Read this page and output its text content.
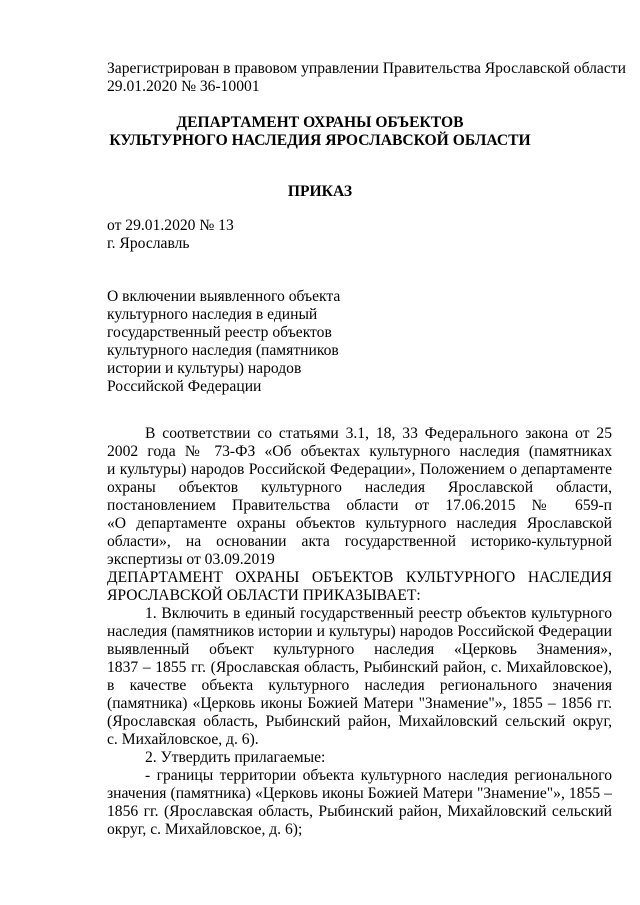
Зарегистрирован в правовом управлении Правительства Ярославской области
29.01.2020 № 36-10001
ДЕПАРТАМЕНТ ОХРАНЫ ОБЪЕКТОВ
КУЛЬТУРНОГО НАСЛЕДИЯ ЯРОСЛАВСКОЙ ОБЛАСТИ
ПРИКАЗ
от 29.01.2020 № 13
г. Ярославль
О включении выявленного объекта
культурного наследия в единый
государственный реестр объектов
культурного наследия (памятников
истории и культуры) народов
Российской Федерации
В соответствии со статьями 3.1, 18, 33 Федерального закона от 25
2002 года № 73-ФЗ «Об объектах культурного наследия (памятниках
и культуры) народов Российской Федерации», Положением о департаменте
охраны объектов культурного наследия Ярославской области,
постановлением Правительства области от 17.06.2015 № 659-п
«О департаменте охраны объектов культурного наследия Ярославской
области», на основании акта государственной историко-культурной
экспертизы от 03.09.2019
ДЕПАРТАМЕНТ ОХРАНЫ ОБЪЕКТОВ КУЛЬТУРНОГО НАСЛЕДИЯ
ЯРОСЛАВСКОЙ ОБЛАСТИ ПРИКАЗЫВАЕТ:
1. Включить в единый государственный реестр объектов культурного
наследия (памятников истории и культуры) народов Российской Федерации
выявленный объект культурного наследия «Церковь Знамения»,
1837 – 1855 гг. (Ярославская область, Рыбинский район, с. Михайловское),
в качестве объекта культурного наследия регионального значения
(памятника) «Церковь иконы Божией Матери "Знамение"», 1855 – 1856 гг.
(Ярославская область, Рыбинский район, Михайловский сельский округ,
с. Михайловское, д. 6).
2. Утвердить прилагаемые:
- границы территории объекта культурного наследия регионального
значения (памятника) «Церковь иконы Божией Матери "Знамение"», 1855 –
1856 гг. (Ярославская область, Рыбинский район, Михайловский сельский
округ, с. Михайловское, д. 6);
